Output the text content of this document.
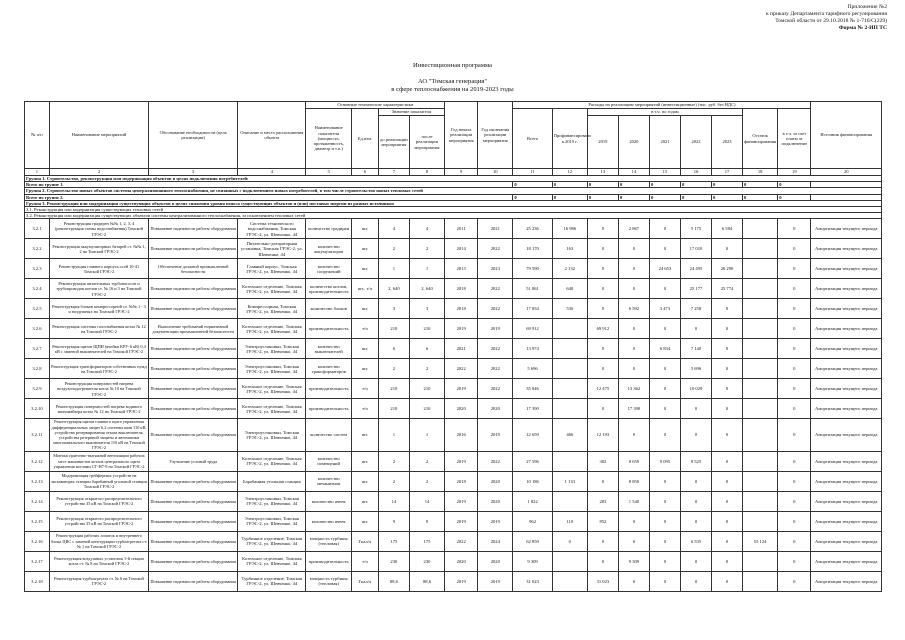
Приложение №2
к приказу Департамента тарифного регулирования
Томской области от 29.10.2018 № 1-716/С(229)
Форма № 2-ИП ТС
Инвестиционная программа
АО "Томская генерация"
в сфере теплоснабжения на 2019-2023 годы
№ п/п	Наименование мероприятий	Обоснование необходимости (цель реализации)	Описание и место расположения объекта	Основные технические характеристики				Год начала реализации мероприятия	Год окончания реализации мероприятия	Расходы на реализацию мероприятий (инвестиционные) (тыс. руб. без НДС)									Источник финансирования
				Наименование показателя (мощность, протяженность, диаметр и т.п.)	Ед.изм.	Значение показателя				Всего	Профинансировано к 2019 г.	в т.ч. по годам					Остаток финансирования	в т.ч. за счет платы за подключение	
						до реализации мероприятия	после реализации мероприятия					2019	2020	2021	2022	2023			
1	2	3	4	5	6	7	8	9	10	11	12	13	14	15	16	17	18	19	20
Группа 1. Строительство, реконструкция или модернизация объектов в целях подключения потребителей:																			
Всего по группе 1.										0	0	0	0	0	0	0	0	0	
Группа 2. Строительство новых объектов системы централизованного теплоснабжения, не связанных с подключением новых потребителей, в том числе строительство новых тепловых сетей																			
Всего по группе 2.										0	0	0	0	0	0	0	0	0	
Группа 3. Реконструкция или модернизация существующих объектов в целях снижения уровня износа существующих объектов и (или) поставки энергии из разных источников																			
3.1. Реконструкция или модернизация существующих тепловых сетей																			
3.2. Реконструкция или модернизация существующих объектов системы централизованного теплоснабжения, за исключением тепловых сетей																			
3.2.1	Реконструкция градирен №№ 1, 2, 3, 4 (реконструкция схемы водоснабжения) Томской ГРЭС-2	Повышение надежности работы оборудования	Система технического водоснабжения, Томская ГРЭС-2, ул. Шевченко, 44	количество градирен	шт.	4	4	2011	2021	25 236	16 986	0	2 867	0	5 175	6 584		0	Амортизация текущего периода
3.2.2	Реконструкция аккумуляторных батарей ст. №№ 1, 2 на Томской ГРЭС-2	Повышение надежности работы оборудования	Питательно-деаэраторная установка, Томская ГРЭС-2, ул. Шевченко, 44	количество аккумуляторов	шт.	2	2	2014	2022	18 170	163	0	0	0	17 010	0		0	Амортизация текущего периода
3.2.3	Реконструкция главного корпуса осей 10-41 Томской ГРЭС-2	Обеспечение должной промышленной безопасности	Главный корпус, Томская ГРЭС-2, ул. Шевченко, 44	количество сооружений	шт.	1	1	2015	2023	79 590	2 132	0	0	24 653	24 495	26 290		0	Амортизация текущего периода
3.2.4	Реконструкция питательных турбонасосов и трубопроводов котлов ст. № 16 и 3 на Томской ГРЭС-2	Повышение надежности работы оборудования	Котельное отделение, Томская ГРЭС-2, ул. Шевченко, 44	количество котлов, производительность	шт., т/ч	2, 640	2, 640	2018	2022	51 861	640	0	0	0	25 177	25 774		0	Амортизация текущего периода
3.2.5	Реконструкция блоков компрессорной ст. №№ 1 - 3 и воздушных на Томской ГРЭС-2	Повышение надежности работы оборудования	Компрессорная, Томская ГРЭС-2, ул. Шевченко, 44	количество блоков	шт.	3	3	2018	2022	17 854	530	0	6 592	3 473	7 258	0		0	Амортизация текущего периода
3.2.6	Реконструкция системы газоснабжения котла № 12 на Томской ГРЭС-2	Выполнение требований нормативной документации промышленной безопасности	Котельное отделение, Томская ГРЭС-2, ул. Шевченко, 44	производительность	т/ч	210	210	2019	2019	69 912		69 912	0	0	0	0		0	Амортизация текущего периода
3.2.7	Реконструкция щитов ЩПН (ячейки КРУ-6 кВ) 0,4 кВ с заменой выключателей на Томской ГРЭС-2	Повышение надежности работы оборудования	Электроустановки, Томская ГРЭС-2, ул. Шевченко, 44	количество выключателей	шт.	6	6	2021	2022	13 974		0	0	6 834	7 140	0		0	Амортизация текущего периода
3.2.8	Реконструкция трансформаторов собственных нужд на Томской ГРЭС-2	Повышение надежности работы оборудования	Электроустановки, Томская ГРЭС-2, ул. Шевченко, 44	количество трансформаторов	шт.	2	2	2022	2022	5 696		0	0	0	5 696	0		0	Амортизация текущего периода
3.2.9	Реконструкция поверхностей нагрева воздухоподогревателя котла № 10 на Томской ГРЭС-2	Повышение надежности работы оборудования	Котельное отделение, Томская ГРЭС-2, ул. Шевченко, 44	производительность	т/ч	210	210	2019	2022	35 846		12 475	13 362	0	10 029	0		0	Амортизация текущего периода
3.2.10	Реконструкция поверхностей нагрева водяного экономайзера котла № 12 на Томской ГРЭС-2	Повышение надежности работы оборудования	Котельное отделение, Томская ГРЭС-2, ул. Шевченко, 44	производительность	т/ч	210	210	2020	2020	17 390		0	17 390	0	0	0		0	Амортизация текущего периода
3.2.11	Реконструкция щитов главного щита управления дифференциальных защит 6,2 системы шин 110 кВ, устройства резервирования отказа выключателя, устройства резервной защиты и автоматики многоканального выключателя 110 кВ на Томской ГРЭС-2	Повышение надежности работы оборудования	Электроустановки, Томская ГРЭС-2, ул. Шевченко, 44	количество систем	шт.	1	1	2016	2019	12 659	466	12 193	0	0	0	0		0	Амортизация текущего периода
3.2.12	Монтаж приточно-вытяжной вентиляции рабочих мест машинистов котлов центрального щита управления котлами СТ-Н7-9 на Томской ГРЭС-2	Улучшение условий труда	Котельное отделение, Томская ГРЭС-2, ул. Шевченко, 44	количество помещений	шт.	2	2	2019	2022	27 596		302	8 659	9 095	9 525	0		0	Амортизация текущего периода
3.2.13	Модернизация грейферных устройств на экскаваторах станции барабанной угольной станции Томской ГРЭС-2	Повышение надежности работы оборудования	Барабанная угольная станция	количество механизмов	шт.	2	2	2018	2020	10 186	1 133	0	8 850	0	0	0		0	Амортизация текущего периода
3.2.14	Реконструкция открытого распределительного устройства 35 кВ на Томской ГРЭС-2	Повышение надежности работы оборудования	Электроустановки, Томская ГРЭС-2, ул. Шевченко, 44	количество ячеек	шт.	14	14	2019	2020	1 822		283	1 540	0	0	0		0	Амортизация текущего периода
3.2.15	Реконструкция открытого распределительного устройства 35 кВ на Томской ГРЭС-2	Повышение надежности работы оборудования	Электроустановки, Томская ГРЭС-2, ул. Шевченко, 44	количество ячеек	шт.	9	9	2019	2019	962	110	852	0	0	0	0		0	Амортизация текущего периода
3.2.16	Реконструкция рабочих лопаток и внутреннего блока ЦВС с заменой конструкции турбоагрегата ст. № 1 на Томской ГРЭС-2	Повышение надежности работы оборудования	Турбинное отделение, Томская ГРЭС-2, ул. Шевченко, 44	мощность турбины (тепловая)	Гкал/ч	175	175	2022	2024	62 859	0	0	0	0	6 535	0	55 124	0	Амортизация текущего периода
3.2.17	Реконструкция воздушных установок 1-й секции котла ст. № 8 на Томской ГРЭС-2	Повышение надежности работы оборудования	Котельное отделение, Томская ГРЭС-2, ул. Шевченко, 44	производительность	т/ч	230	230	2020	2020	9 309		0	9 309	0	0	0		0	Амортизация текущего периода
3.2.18	Реконструкция турбоагрегата ст. № 6 на Томской ГРЭС-2	Повышение надежности работы оборудования	Турбинное отделение, Томская ГРЭС-2, ул. Шевченко, 44	мощность турбины (тепловая)	Гкал/ч	88,6	88,6	2019	2019	31 023		31 023	0	0	0	0		0	Амортизация текущего периода
